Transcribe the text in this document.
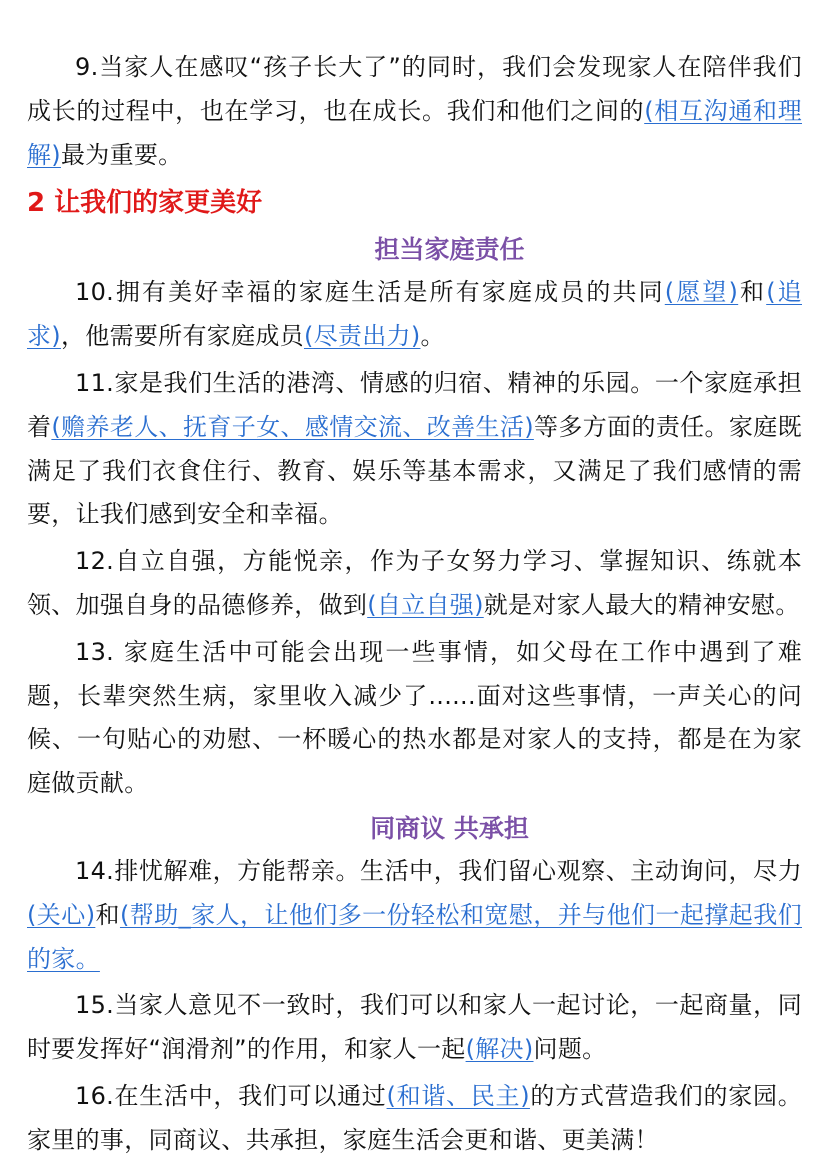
9.当家人在感叹“孩子长大了”的同时，我们会发现家人在陪伴我们成长的过程中，也在学习，也在成长。我们和他们之间的(相互沟通和理解)最为重要。

2 让我们的家更美好
担当家庭责任

10.拥有美好幸福的家庭生活是所有家庭成员的共同(愿望)和(追求)，他需要所有家庭成员(尽责出力)。

11.家是我们生活的港湾、情感的归宿、精神的乐园。一个家庭承担着(赡养老人、抚育子女、感情交流、改善生活)等多方面的责任。家庭既满足了我们衣食住行、教育、娱乐等基本需求，又满足了我们感情的需要，让我们感到安全和幸福。

12.自立自强，方能悦亲，作为子女努力学习、掌握知识、练就本领、加强自身的品德修养，做到(自立自强)就是对家人最大的精神安慰。

13. 家庭生活中可能会出现一些事情，如父母在工作中遇到了难题，长辈突然生病，家里收入减少了......面对这些事情，一声关心的问候、一句贴心的劝慰、一杯暖心的热水都是对家人的支持，都是在为家庭做贡献。

同商议 共承担

14.排忧解难，方能帮亲。生活中，我们留心观察、主动询问，尽力(关心)和(帮助_家人，让他们多一份轻松和宽慰，并与他们一起撑起我们的家。

15.当家人意见不一致时，我们可以和家人一起讨论，一起商量，同时要发挥好“润滑剂”的作用，和家人一起(解决)问题。

16.在生活中，我们可以通过(和谐、民主)的方式营造我们的家园。家里的事，同商议、共承担，家庭生活会更和谐、更美满！
